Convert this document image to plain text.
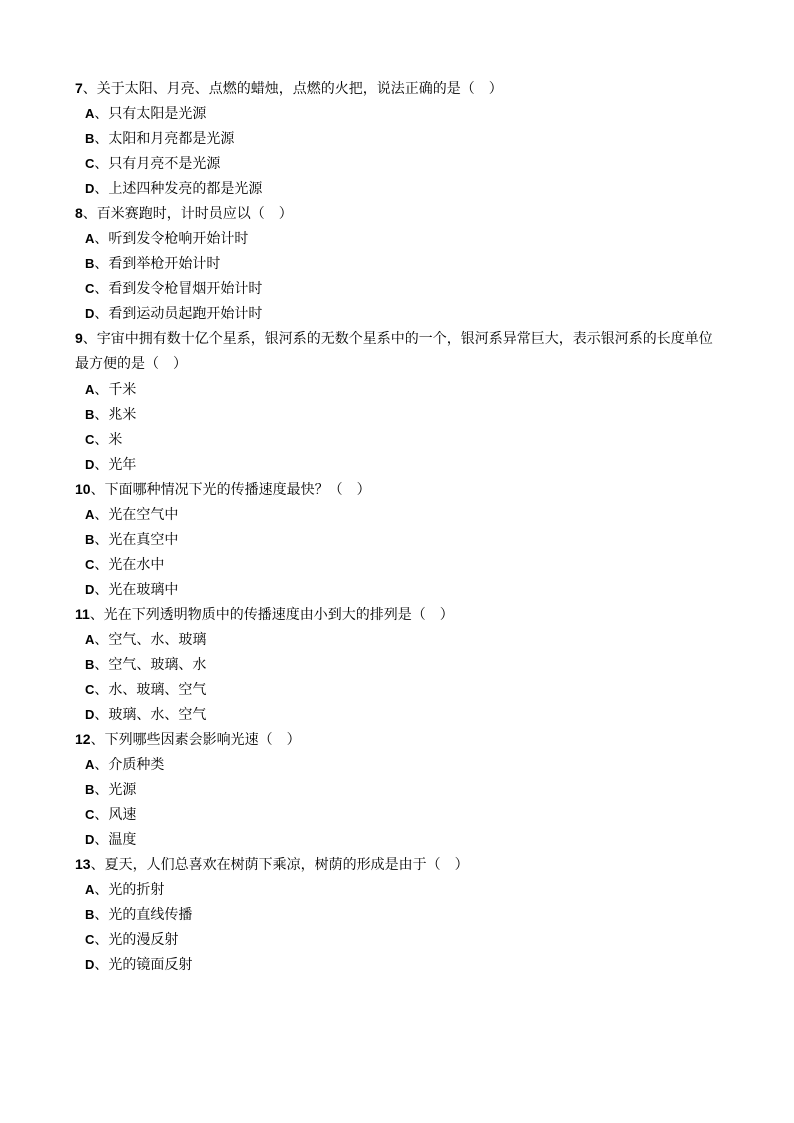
7、关于太阳、月亮、点燃的蜡烛，点燃的火把，说法正确的是（　）
A、只有太阳是光源
B、太阳和月亮都是光源
C、只有月亮不是光源
D、上述四种发亮的都是光源
8、百米赛跑时，计时员应以（　）
A、听到发令枪响开始计时
B、看到举枪开始计时
C、看到发令枪冒烟开始计时
D、看到运动员起跑开始计时
9、宇宙中拥有数十亿个星系，银河系的无数个星系中的一个，银河系异常巨大，表示银河系的长度单位最方便的是（　）
A、千米
B、兆米
C、米
D、光年
10、下面哪种情况下光的传播速度最快？（　）
A、光在空气中
B、光在真空中
C、光在水中
D、光在玻璃中
11、光在下列透明物质中的传播速度由小到大的排列是（　）
A、空气、水、玻璃
B、空气、玻璃、水
C、水、玻璃、空气
D、玻璃、水、空气
12、下列哪些因素会影响光速（　）
A、介质种类
B、光源
C、风速
D、温度
13、夏天，人们总喜欢在树荫下乘凉，树荫的形成是由于（　）
A、光的折射
B、光的直线传播
C、光的漫反射
D、光的镜面反射
